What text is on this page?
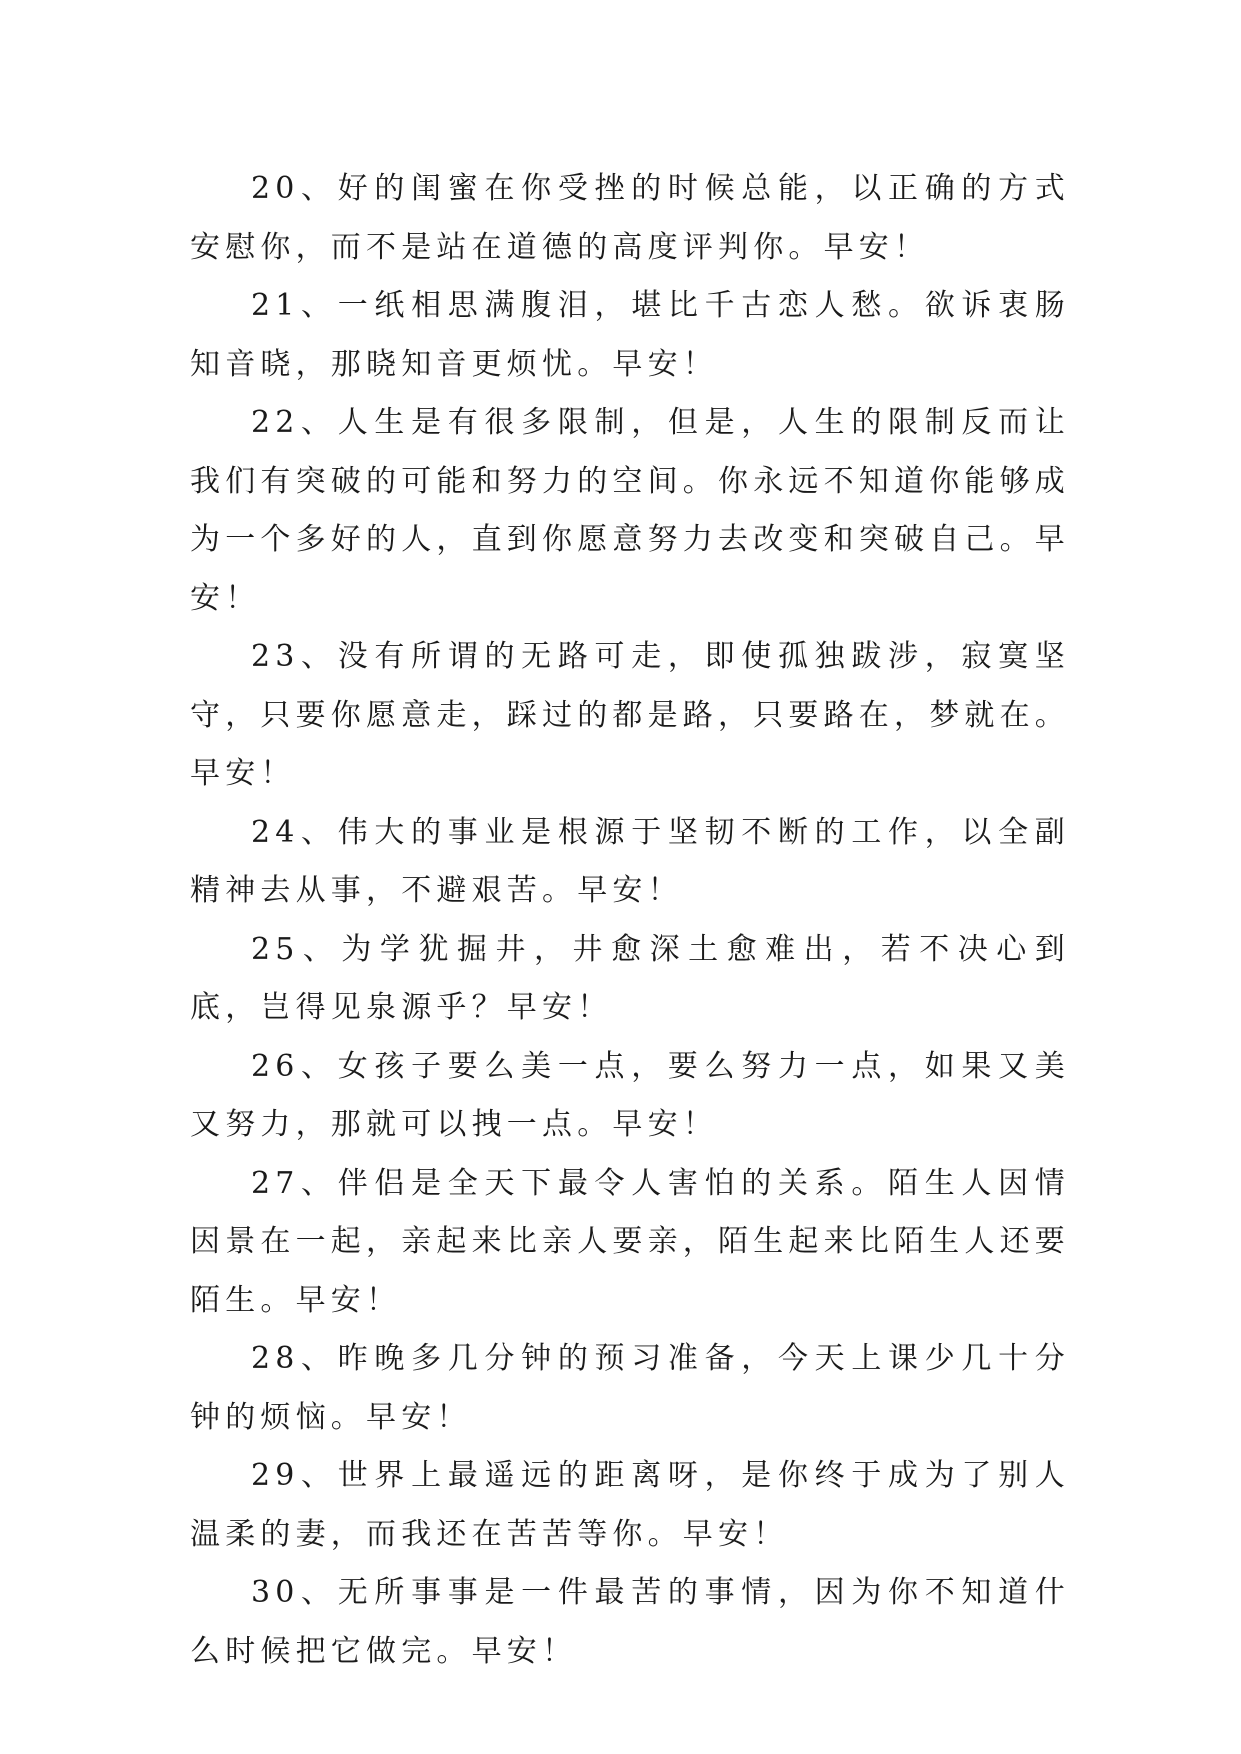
20、好的闺蜜在你受挫的时候总能，以正确的方式安慰你，而不是站在道德的高度评判你。早安！

21、一纸相思满腹泪，堪比千古恋人愁。欲诉衷肠知音晓，那晓知音更烦忧。早安！

22、人生是有很多限制，但是，人生的限制反而让我们有突破的可能和努力的空间。你永远不知道你能够成为一个多好的人，直到你愿意努力去改变和突破自己。早安！

23、没有所谓的无路可走，即使孤独跋涉，寂寞坚守，只要你愿意走，踩过的都是路，只要路在，梦就在。早安！

24、伟大的事业是根源于坚韧不断的工作，以全副精神去从事，不避艰苦。早安！

25、为学犹掘井，井愈深土愈难出，若不决心到底，岂得见泉源乎？早安！

26、女孩子要么美一点，要么努力一点，如果又美又努力，那就可以拽一点。早安！

27、伴侣是全天下最令人害怕的关系。陌生人因情因景在一起，亲起来比亲人要亲，陌生起来比陌生人还要陌生。早安！

28、昨晚多几分钟的预习准备，今天上课少几十分钟的烦恼。早安！

29、世界上最遥远的距离呀，是你终于成为了别人温柔的妻，而我还在苦苦等你。早安！

30、无所事事是一件最苦的事情，因为你不知道什么时候把它做完。早安！
